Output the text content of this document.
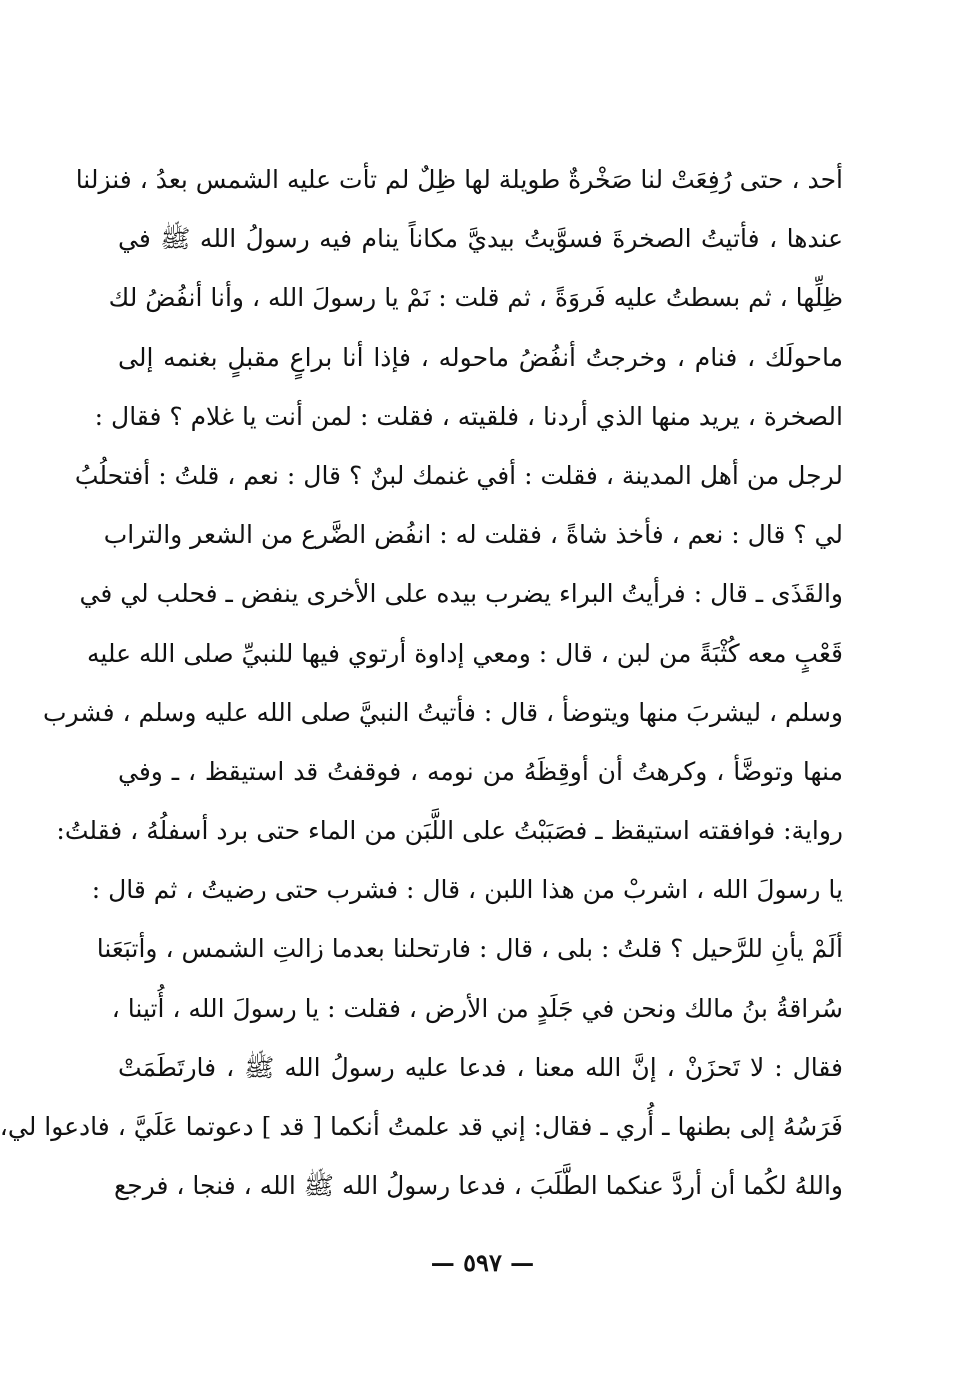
أحد ، حتى رُفِعَتْ لنا صَخْرةٌ طويلة لها ظِلٌ لم تأت عليه الشمس بعدُ ، فنزلنا
عندها ، فأتيتُ الصخرةَ فسوَّيتُ بيديَّ مكاناً ينام فيه رسولُ الله ﷺ في
ظِلِّها ، ثم بسطتُ عليه فَروَةً ، ثم قلت : نَمْ يا رسولَ الله ، وأنا أنفُضُ لك
ماحولَك ، فنام ، وخرجتُ أنفُضُ ماحوله ، فإذا أنا براعٍ مقبلٍ بغنمه إلى
الصخرة ، يريد منها الذي أردنا ، فلقيته ، فقلت : لمن أنت يا غلام ؟ فقال :
لرجل من أهل المدينة ، فقلت : أفي غنمك لبنٌ ؟ قال : نعم ، قلتُ : أفتحلُبُ
لي ؟ قال : نعم ، فأخذ شاةً ، فقلت له : انفُض الضَّرع من الشعر والتراب
والقَذَى ـ قال : فرأيتُ البراء يضرب بيده على الأخرى ينفض ـ فحلب لي في
قَعْبٍ معه كُثْبَةً من لبن ، قال : ومعي إداوة أرتوي فيها للنبيِّ صلى الله عليه
وسلم ، ليشربَ منها ويتوضأ ، قال : فأتيتُ النبيَّ صلى الله عليه وسلم ، فشرب
منها وتوضَّأ ، وكرهتُ أن أوقِظَهُ من نومه ، فوقفتُ قد استيقظ ، ـ وفي
رواية: فوافقته استيقظ ـ فصَبَبْتُ على اللَّبَن من الماء حتى برد أسفلُهُ ، فقلتُ:
يا رسولَ الله ، اشربْ من هذا اللبن ، قال : فشرب حتى رضيتُ ، ثم قال :
ألَمْ يأنِ للرَّحيل ؟ قلتُ : بلى ، قال : فارتحلنا بعدما زالتِ الشمس ، وأتبَعَنا
سُراقةُ بنُ مالك ونحن في جَلَدٍ من الأرض ، فقلت : يا رسولَ الله ، أُتينا ،
فقال : لا تَحزَنْ ، إنَّ الله معنا ، فدعا عليه رسولُ الله ﷺ ، فارتَطَمَتْ
فَرَسُهُ إلى بطنها ـ أُري ـ فقال: إني قد علمتُ أنكما [ قد ] دعوتما عَلَيَّ ، فادعوا لي،
واللهُ لكُما أن أردَّ عنكما الطَّلَبَ ، فدعا رسولُ الله ﷺ الله ، فنجا ، فرجع
— ٥٩٧ —
